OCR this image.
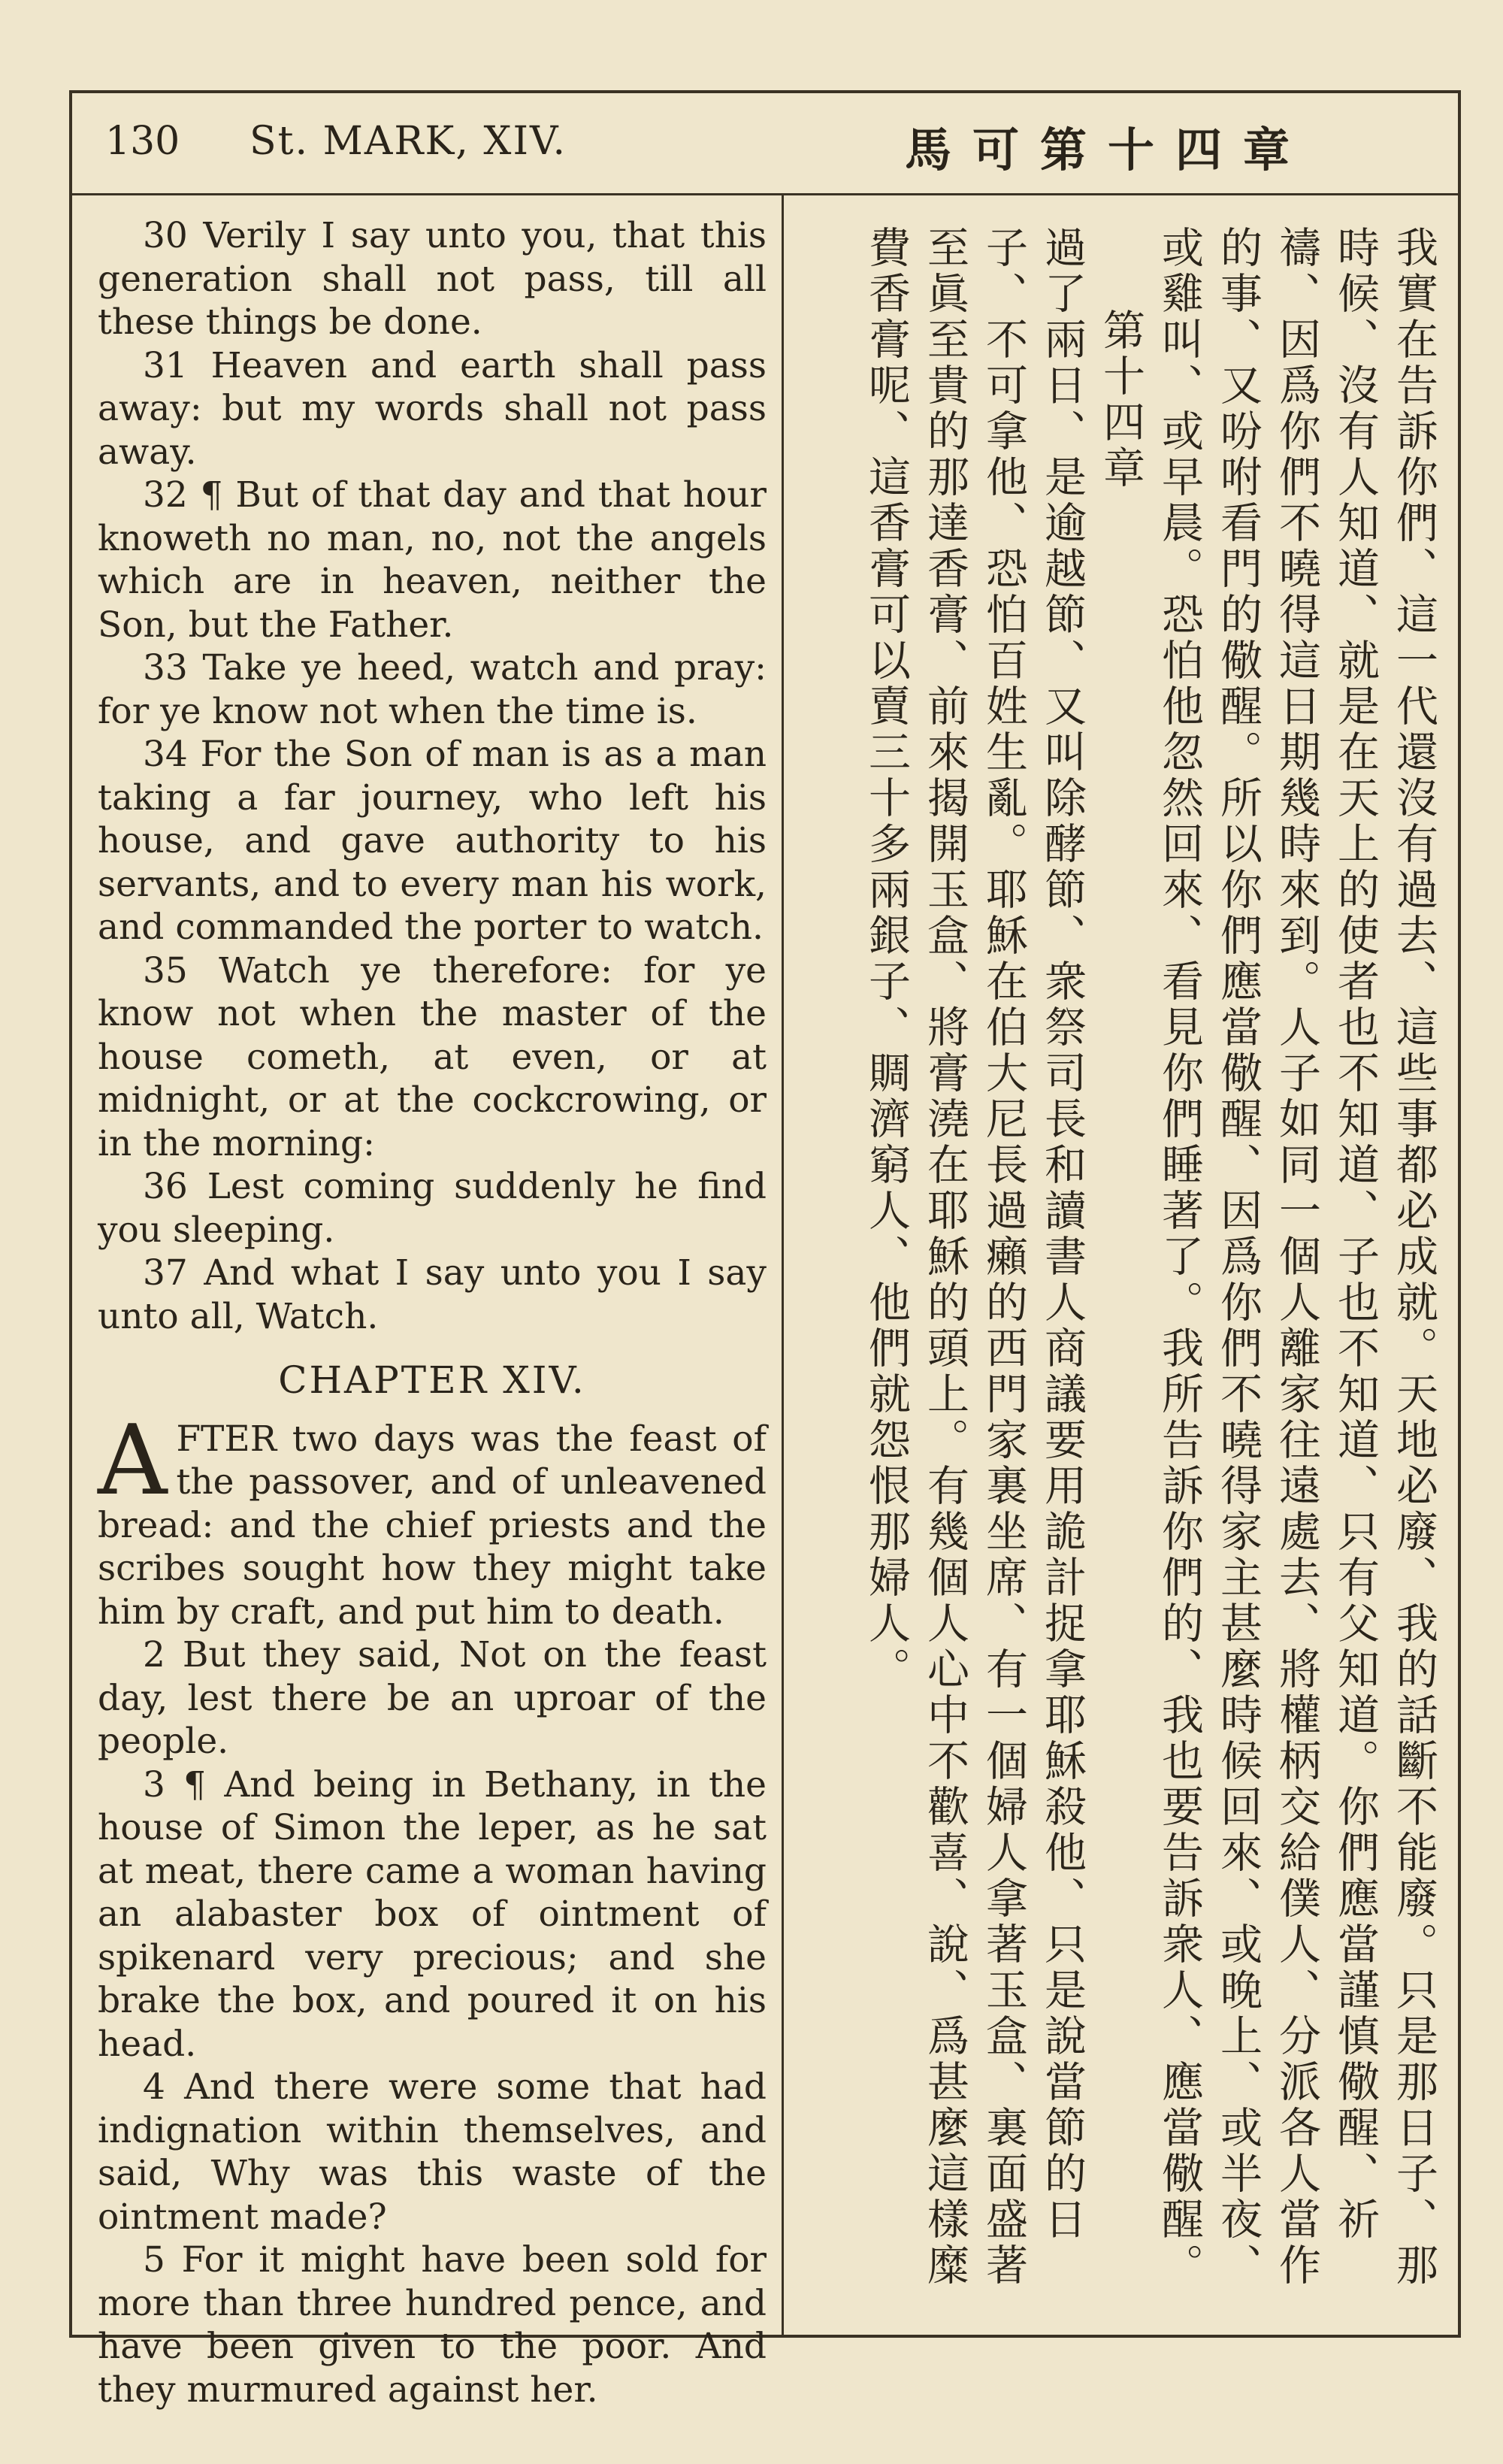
130 St. MARK, XIV.	馬可第十四章

30 Verily I say unto you, that this generation shall not pass, till all these things be done.

31 Heaven and earth shall pass away: but my words shall not pass away.

32 ¶ But of that day and that hour knoweth no man, no, not the angels which are in heaven, neither the Son, but the Father.

33 Take ye heed, watch and pray: for ye know not when the time is.

34 For the Son of man is as a man taking a far journey, who left his house, and gave authority to his servants, and to every man his work, and commanded the porter to watch.

35 Watch ye therefore: for ye know not when the master of the house cometh, at even, or at midnight, or at the cockcrowing, or in the morning:

36 Lest coming suddenly he find you sleeping.

37 And what I say unto you I say unto all, Watch.

CHAPTER XIV.

AFTER two days was the feast of the passover, and of unleavened bread: and the chief priests and the scribes sought how they might take him by craft, and put him to death.

2 But they said, Not on the feast day, lest there be an uproar of the people.

3 ¶ And being in Bethany, in the house of Simon the leper, as he sat at meat, there came a woman having an alabaster box of ointment of spikenard very precious; and she brake the box, and poured it on his head.

4 And there were some that had indignation within themselves, and said, Why was this waste of the ointment made?

5 For it might have been sold for more than three hundred pence, and have been given to the poor. And they murmured against her.

我實在告訴你們、這一代還沒有過去、這些事都必成就。天地必廢、我的話斷不能廢。只是那日子、那時候、沒有人知道、就是在天上的使者也不知道、子也不知道、只有父知道。你們應當謹慎儆醒、祈禱、因爲你們不曉得這日期幾時來到。人子如同一個人離家往遠處去、將權柄交給僕人、分派各人當作的事、又吩咐看門的儆醒。所以你們應當儆醒、因爲你們不曉得家主甚麼時候回來、或晚上、或半夜、或雞叫、或早晨。恐怕他忽然回來、看見你們睡著了。我所告訴你們的、我也要告訴衆人、應當儆醒。

第十四章

過了兩日、是逾越節、又叫除酵節、衆祭司長和讀書人商議要用詭計捉拿耶穌殺他、只是說當節的日子、不可拿他、恐怕百姓生亂。耶穌在伯大尼長過癩的西門家裏坐席、有一個婦人拿著玉盒、裏面盛著至眞至貴的那達香膏、前來揭開玉盒、將膏澆在耶穌的頭上。有幾個人心中不歡喜、說、爲甚麼這樣糜費香膏呢、這香膏可以賣三十多兩銀子、賙濟窮人、他們就怨恨那婦人。
